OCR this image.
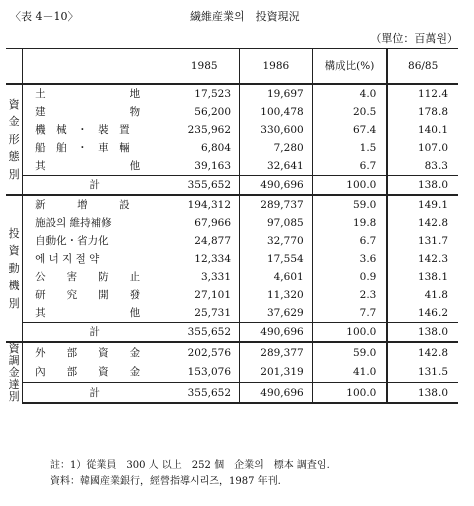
〈表 4－10〉	繊維産業의　投資現況
（單位：百萬원）
		1985	1986	構成比(%)	86/85
資金形態別	土　　　　　　　　地	17,523	19,697	4.0	112.4
	建　　　　　　　　物	56,200	100,478	20.5	178.8
	機　械　・　裝　置	235,962	330,600	67.4	140.1
	船　舶　・　車　輛	6,804	7,280	1.5	107.0
	其　　　　　　　　他	39,163	32,641	6.7	83.3
	計	355,652	490,696	100.0	138.0
投資動機別	新　　　增　　　設	194,312	289,737	59.0	149.1
	施設의 維持補修	67,966	97,085	19.8	142.8
	自動化・省力化	24,877	32,770	6.7	131.7
	에 너 지 절 약	12,334	17,554	3.6	142.3
	公　　害　　防　　止	3,331	4,601	0.9	138.1
	研　　究　　開　　發	27,101	11,320	2.3	41.8
	其　　　　　　　　他	25,731	37,629	7.7	146.2
	計	355,652	490,696	100.0	138.0
資調金達別	外　　部　　資　　金	202,576	289,377	59.0	142.8
	內　　部　　資　　金	153,076	201,319	41.0	131.5
	計	355,652	490,696	100.0	138.0
註：1）從業員　300 人 以上　252 個　企業의　標本 調査임.
資料：韓國産業銀行，經營指導시리즈，1987 年刊.
